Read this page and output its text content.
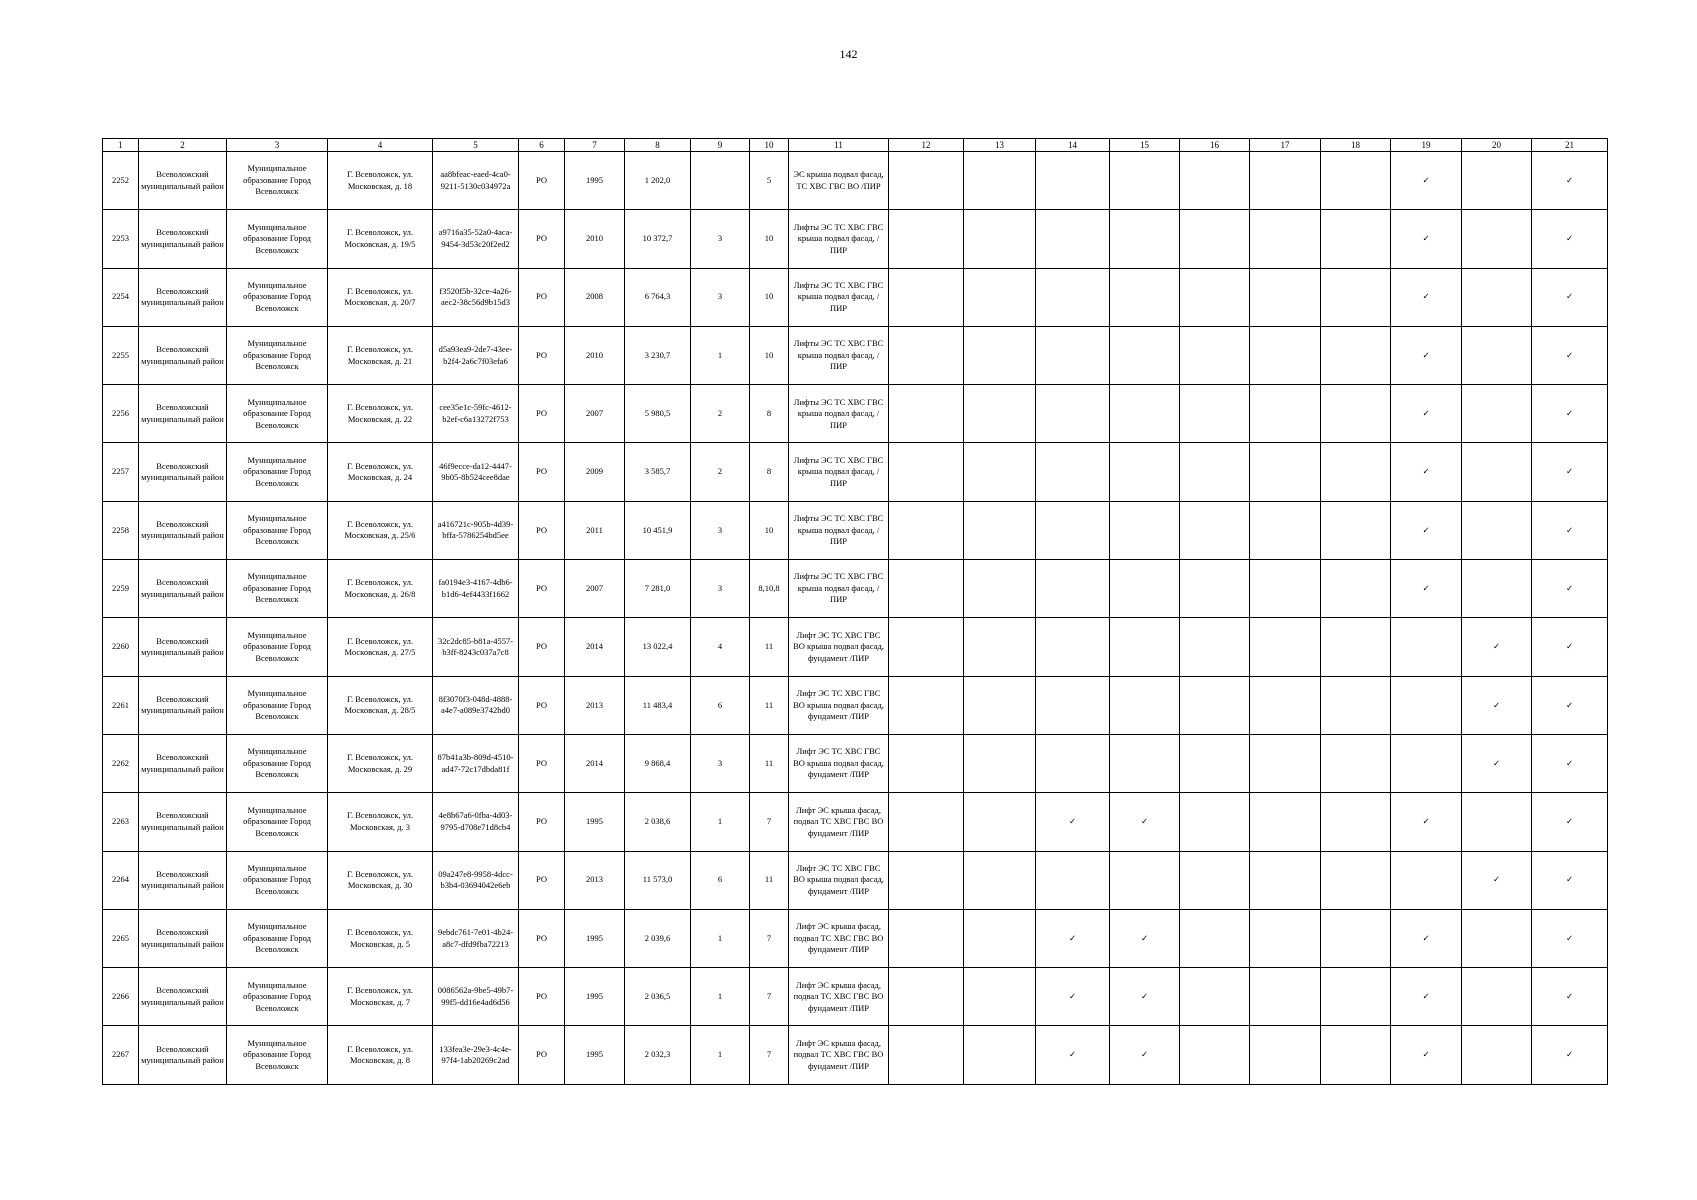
142
1	2	3	4	5	6	7	8	9	10	11	12	13	14	15	16	17	18	19	20	21
2252	Всеволожский муниципальный район	Муниципальное образование Город Всеволожск	Г. Всеволожск, ул. Московская, д. 18	aa8bfeac-eaed-4ca0-9211-5130c034972a	РО	1995	1 202,0		5	ЭС крыша подвал фасад, ТС ХВС ГВС ВО /ПИР								✓		✓
2253	Всеволожский муниципальный район	Муниципальное образование Город Всеволожск	Г. Всеволожск, ул. Московская, д. 19/5	a9716a35-52a0-4aca-9454-3d53c20f2ed2	РО	2010	10 372,7	3	10	Лифты ЭС ТС ХВС ГВС крыша подвал фасад, /ПИР								✓		✓
2254	Всеволожский муниципальный район	Муниципальное образование Город Всеволожск	Г. Всеволожск, ул. Московская, д. 20/7	f3520f5b-32ce-4a26-aec2-38c56d9b15d3	РО	2008	6 764,3	3	10	Лифты ЭС ТС ХВС ГВС крыша подвал фасад, /ПИР								✓		✓
2255	Всеволожский муниципальный район	Муниципальное образование Город Всеволожск	Г. Всеволожск, ул. Московская, д. 21	d5a93ea9-2de7-43ee-b2f4-2a6c7f03efa6	РО	2010	3 230,7	1	10	Лифты ЭС ТС ХВС ГВС крыша подвал фасад, /ПИР								✓		✓
2256	Всеволожский муниципальный район	Муниципальное образование Город Всеволожск	Г. Всеволожск, ул. Московская, д. 22	cee35e1c-59fc-4612-b2ef-c6a13272f753	РО	2007	5 980,5	2	8	Лифты ЭС ТС ХВС ГВС крыша подвал фасад, /ПИР								✓		✓
2257	Всеволожский муниципальный район	Муниципальное образование Город Всеволожск	Г. Всеволожск, ул. Московская, д. 24	46f9ecce-da12-4447-9b05-8b524cee8dae	РО	2009	3 585,7	2	8	Лифты ЭС ТС ХВС ГВС крыша подвал фасад, /ПИР								✓		✓
2258	Всеволожский муниципальный район	Муниципальное образование Город Всеволожск	Г. Всеволожск, ул. Московская, д. 25/6	a416721c-905b-4d39-bffa-5786254bd5ee	РО	2011	10 451,9	3	10	Лифты ЭС ТС ХВС ГВС крыша подвал фасад, /ПИР								✓		✓
2259	Всеволожский муниципальный район	Муниципальное образование Город Всеволожск	Г. Всеволожск, ул. Московская, д. 26/8	fa0194e3-4167-4db6-b1d6-4ef4433f1662	РО	2007	7 281,0	3	8,10,8	Лифты ЭС ТС ХВС ГВС крыша подвал фасад, /ПИР								✓		✓
2260	Всеволожский муниципальный район	Муниципальное образование Город Всеволожск	Г. Всеволожск, ул. Московская, д. 27/5	32c2dc85-b81a-4557-b3ff-8243c037a7c8	РО	2014	13 022,4	4	11	Лифт ЭС ТС ХВС ГВС ВО крыша подвал фасад, фундамент /ПИР									✓	✓
2261	Всеволожский муниципальный район	Муниципальное образование Город Всеволожск	Г. Всеволожск, ул. Московская, д. 28/5	8f3070f3-048d-4888-a4e7-a089e3742bd0	РО	2013	11 483,4	6	11	Лифт ЭС ТС ХВС ГВС ВО крыша подвал фасад, фундамент /ПИР									✓	✓
2262	Всеволожский муниципальный район	Муниципальное образование Город Всеволожск	Г. Всеволожск, ул. Московская, д. 29	87b41a3b-809d-4510-ad47-72c17dbda81f	РО	2014	9 868,4	3	11	Лифт ЭС ТС ХВС ГВС ВО крыша подвал фасад, фундамент /ПИР									✓	✓
2263	Всеволожский муниципальный район	Муниципальное образование Город Всеволожск	Г. Всеволожск, ул. Московская, д. 3	4e8b67a6-0fba-4d03-9795-d708e71d8cb4	РО	1995	2 038,6	1	7	Лифт ЭС крыша фасад, подвал ТС ХВС ГВС ВО фундамент /ПИР			✓	✓				✓		✓
2264	Всеволожский муниципальный район	Муниципальное образование Город Всеволожск	Г. Всеволожск, ул. Московская, д. 30	09a247e8-9958-4dcc-b3b4-03694042e6eb	РО	2013	11 573,0	6	11	Лифт ЭС ТС ХВС ГВС ВО крыша подвал фасад, фундамент /ПИР									✓	✓
2265	Всеволожский муниципальный район	Муниципальное образование Город Всеволожск	Г. Всеволожск, ул. Московская, д. 5	9ebdc761-7e01-4b24-a8c7-dfd9fba72213	РО	1995	2 039,6	1	7	Лифт ЭС крыша фасад, подвал ТС ХВС ГВС ВО фундамент /ПИР			✓	✓				✓		✓
2266	Всеволожский муниципальный район	Муниципальное образование Город Всеволожск	Г. Всеволожск, ул. Московская, д. 7	0086562a-9be5-49b7-99f5-dd16e4ad6d56	РО	1995	2 036,5	1	7	Лифт ЭС крыша фасад, подвал ТС ХВС ГВС ВО фундамент /ПИР			✓	✓				✓		✓
2267	Всеволожский муниципальный район	Муниципальное образование Город Всеволожск	Г. Всеволожск, ул. Московская, д. 8	133fea3e-29e3-4c4e-97f4-1ab20269c2ad	РО	1995	2 032,3	1	7	Лифт ЭС крыша фасад, подвал ТС ХВС ГВС ВО фундамент /ПИР			✓	✓				✓		✓
